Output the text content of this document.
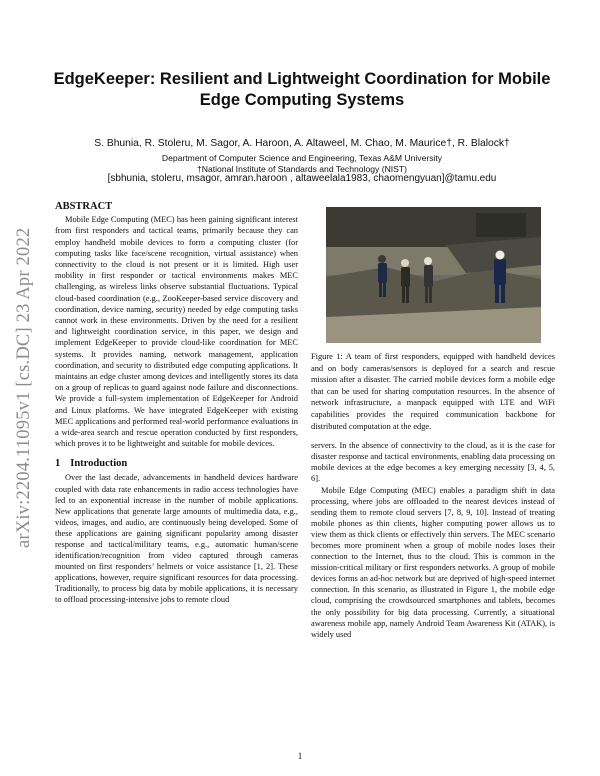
arXiv:2204.11095v1 [cs.DC] 23 Apr 2022
EdgeKeeper: Resilient and Lightweight Coordination for Mobile Edge Computing Systems
S. Bhunia, R. Stoleru, M. Sagor, A. Haroon, A. Altaweel, M. Chao, M. Maurice†, R. Blalock†
Department of Computer Science and Engineering, Texas A&M University
†National Institute of Standards and Technology (NIST)
[sbhunia, stoleru, msagor, amran.haroon , altaweelala1983, chaomengyuan]@tamu.edu
ABSTRACT

Mobile Edge Computing (MEC) has been gaining significant interest from first responders and tactical teams, primarily because they can employ handheld mobile devices to form a computing cluster (for computing tasks like face/scene recognition, virtual assistance) when connectivity to the cloud is not present or it is limited. High user mobility in first responder or tactical environments makes MEC challenging, as wireless links observe substantial fluctuations. Typical cloud-based coordination (e.g., ZooKeeper-based service discovery and coordination, device naming, security) needed by edge computing tasks cannot work in these environments. Driven by the need for a resilient and lightweight coordination service, in this paper, we design and implement EdgeKeeper to provide cloud-like coordination for MEC systems. It provides naming, network management, application coordination, and security to distributed edge computing applications. It maintains an edge cluster among devices and intelligently stores its data on a group of replicas to guard against node failure and disconnections. We provide a full-system implementation of EdgeKeeper for Android and Linux platforms. We have integrated EdgeKeeper with existing MEC applications and performed real-world performance evaluations in a wide-area search and rescue operation conducted by first responders, which proves it to be lightweight and suitable for mobile devices.

1 Introduction

Over the last decade, advancements in handheld devices hardware coupled with data rate enhancements in radio access technologies have led to an exponential increase in the number of mobile applications. New applications that generate large amounts of multimedia data, e.g., videos, images, and audio, are continuously being developed. Some of these applications are gaining significant popularity among disaster response and tactical/military teams, e.g., automatic human/scene identification/recognition from video captured through cameras mounted on first responders’ helmets or voice assistance [1, 2]. These applications, however, require significant resources for data processing. Traditionally, to process big data by mobile applications, it is necessary to offload processing-intensive jobs to remote cloud

Figure 1: A team of first responders, equipped with handheld devices and on body cameras/sensors is deployed for a search and rescue mission after a disaster. The carried mobile devices form a mobile edge that can be used for sharing computation resources. In the absence of network infrastructure, a manpack equipped with LTE and WiFi capabilities provides the required communication backbone for distributed computation at the edge.

servers. In the absence of connectivity to the cloud, as it is the case for disaster response and tactical environments, enabling data processing on mobile devices at the edge becomes a key emerging necessity [3, 4, 5, 6].

Mobile Edge Computing (MEC) enables a paradigm shift in data processing, where jobs are offloaded to the nearest devices instead of sending them to remote cloud servers [7, 8, 9, 10]. Instead of treating mobile phones as thin clients, higher computing power allows us to view them as thick clients or effectively thin servers. The MEC scenario becomes more prominent when a group of mobile nodes loses their connection to the Internet, thus to the cloud. This is common in the mission-critical military or first responders networks. A group of mobile devices forms an ad-hoc network but are deprived of high-speed internet connection. In this scenario, as illustrated in Figure 1, the mobile edge cloud, comprising the crowdsourced smartphones and tablets, becomes the only possibility for big data processing. Currently, a situational awareness mobile app, namely Android Team Awareness Kit (ATAK), is widely used

1
